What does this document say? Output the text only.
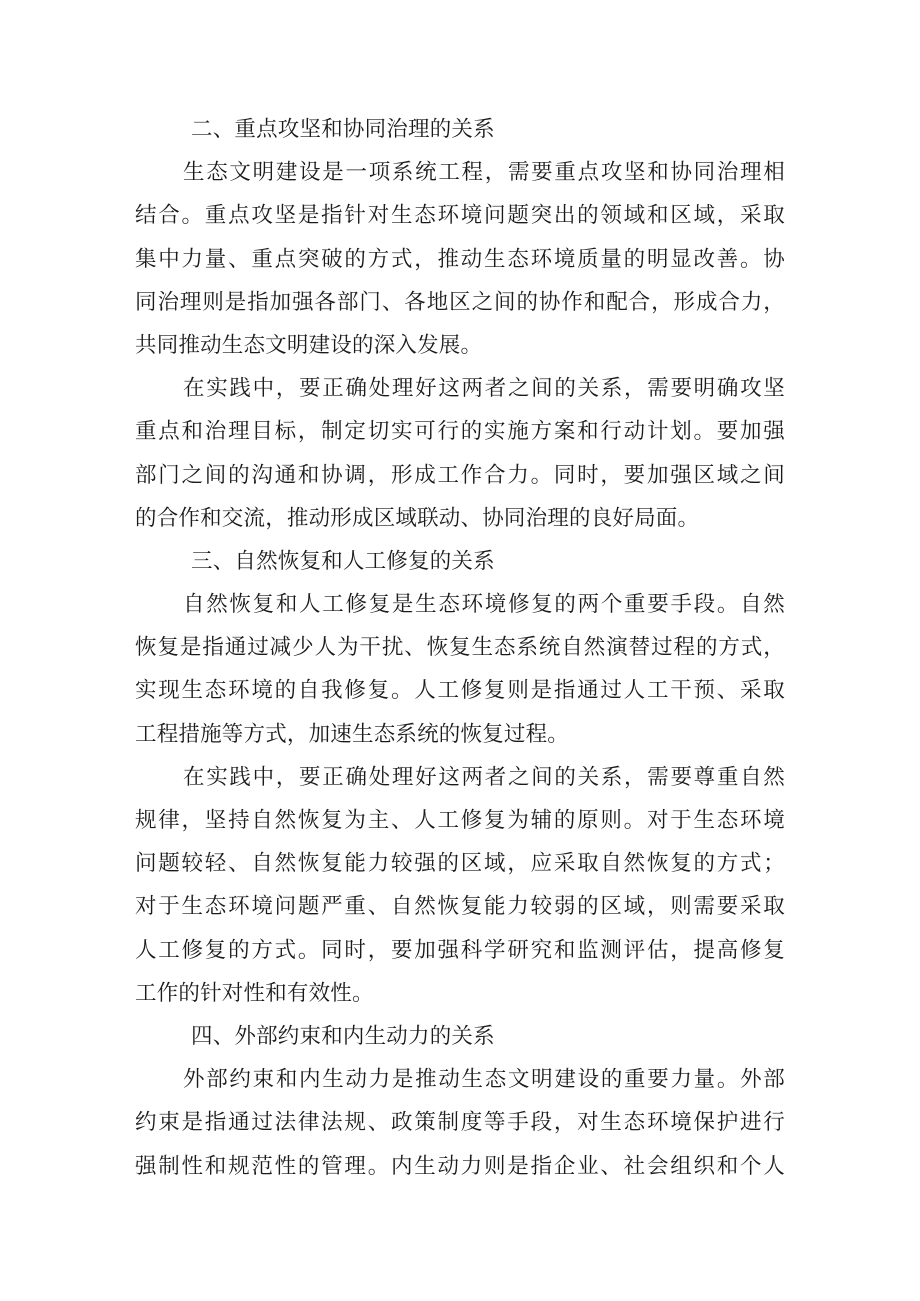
二、重点攻坚和协同治理的关系
生态文明建设是一项系统工程，需要重点攻坚和协同治理相
结合。重点攻坚是指针对生态环境问题突出的领域和区域，采取
集中力量、重点突破的方式，推动生态环境质量的明显改善。协
同治理则是指加强各部门、各地区之间的协作和配合，形成合力，
共同推动生态文明建设的深入发展。
在实践中，要正确处理好这两者之间的关系，需要明确攻坚
重点和治理目标，制定切实可行的实施方案和行动计划。要加强
部门之间的沟通和协调，形成工作合力。同时，要加强区域之间
的合作和交流，推动形成区域联动、协同治理的良好局面。
三、自然恢复和人工修复的关系
自然恢复和人工修复是生态环境修复的两个重要手段。自然
恢复是指通过减少人为干扰、恢复生态系统自然演替过程的方式，
实现生态环境的自我修复。人工修复则是指通过人工干预、采取
工程措施等方式，加速生态系统的恢复过程。
在实践中，要正确处理好这两者之间的关系，需要尊重自然
规律，坚持自然恢复为主、人工修复为辅的原则。对于生态环境
问题较轻、自然恢复能力较强的区域，应采取自然恢复的方式；
对于生态环境问题严重、自然恢复能力较弱的区域，则需要采取
人工修复的方式。同时，要加强科学研究和监测评估，提高修复
工作的针对性和有效性。
四、外部约束和内生动力的关系
外部约束和内生动力是推动生态文明建设的重要力量。外部
约束是指通过法律法规、政策制度等手段，对生态环境保护进行
强制性和规范性的管理。内生动力则是指企业、社会组织和个人
